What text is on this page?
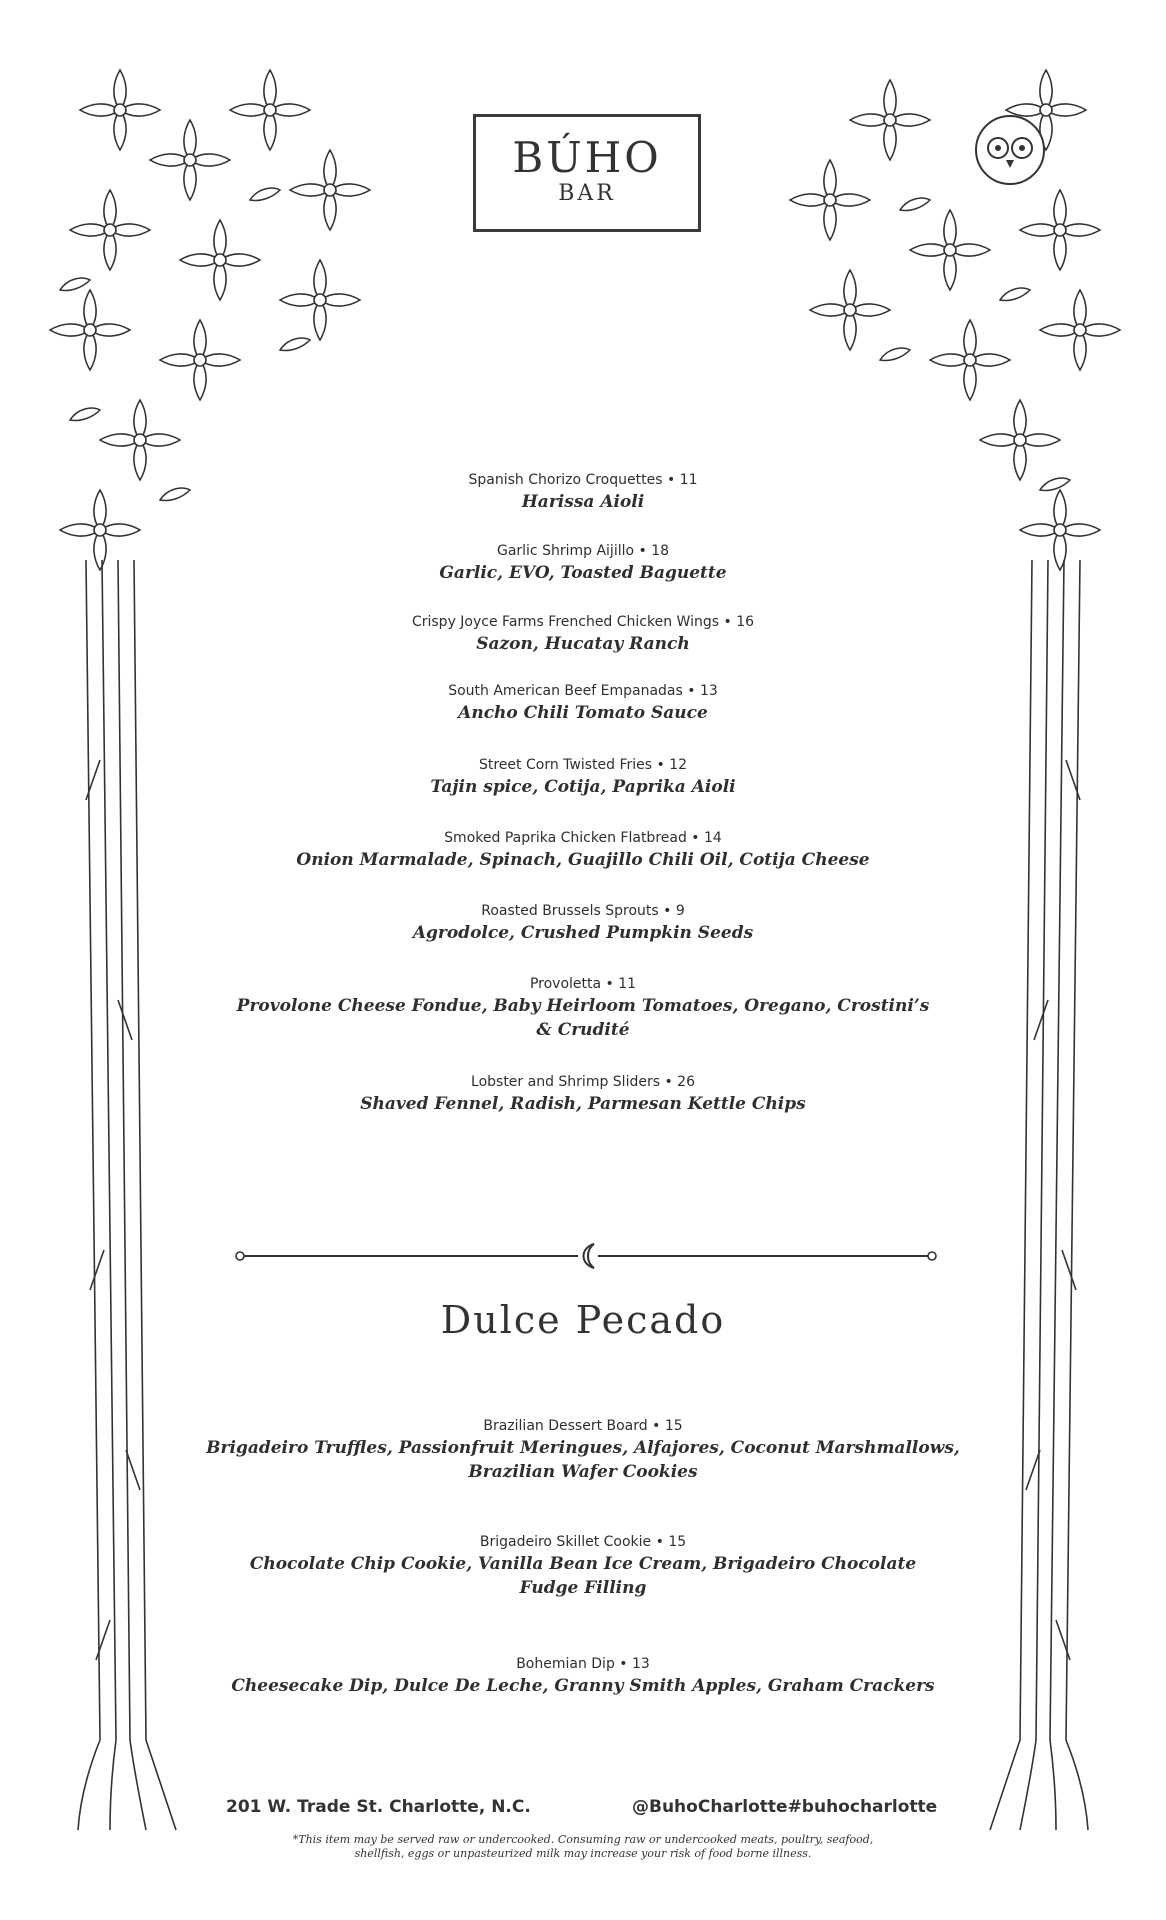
BÚHO
BAR
Spanish Chorizo Croquettes • 11
Harissa Aioli
Garlic Shrimp Aijillo • 18
Garlic, EVO, Toasted Baguette
Crispy Joyce Farms Frenched Chicken Wings • 16
Sazon, Hucatay Ranch
South American Beef Empanadas • 13
Ancho Chili Tomato Sauce
Street Corn Twisted Fries • 12
Tajin spice, Cotija, Paprika Aioli
Smoked Paprika Chicken Flatbread • 14
Onion Marmalade, Spinach, Guajillo Chili Oil, Cotija Cheese
Roasted Brussels Sprouts • 9
Agrodolce, Crushed Pumpkin Seeds
Provoletta • 11
Provolone Cheese Fondue, Baby Heirloom Tomatoes, Oregano, Crostini’s & Crudité
Lobster and Shrimp Sliders • 26
Shaved Fennel, Radish, Parmesan Kettle Chips
Dulce Pecado
Brazilian Dessert Board • 15
Brigadeiro Truffles, Passionfruit Meringues, Alfajores, Coconut Marshmallows, Brazilian Wafer Cookies
Brigadeiro Skillet Cookie • 15
Chocolate Chip Cookie, Vanilla Bean Ice Cream, Brigadeiro Chocolate Fudge Filling
Bohemian Dip • 13
Cheesecake Dip, Dulce De Leche, Granny Smith Apples, Graham Crackers
201 W. Trade St. Charlotte, N.C.	@BuhoCharlotte#buhocharlotte
*This item may be served raw or undercooked. Consuming raw or undercooked meats, poultry, seafood, shellfish, eggs or unpasteurized milk may increase your risk of food borne illness.
